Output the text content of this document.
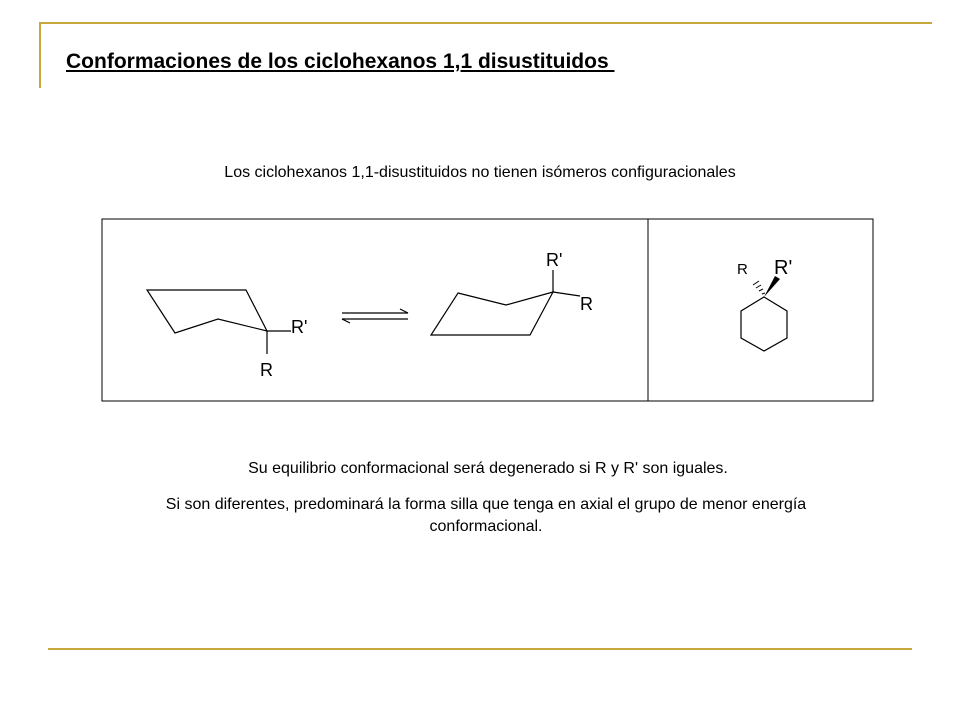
Conformaciones de los ciclohexanos 1,1 disustituidos
Los ciclohexanos 1,1-disustituidos no tienen isómeros configuracionales
R'
R
R'
R
R R'
Su equilibrio conformacional será degenerado si R y R' son iguales.
Si son diferentes, predominará la forma silla que tenga en axial el grupo de menor energía conformacional.
